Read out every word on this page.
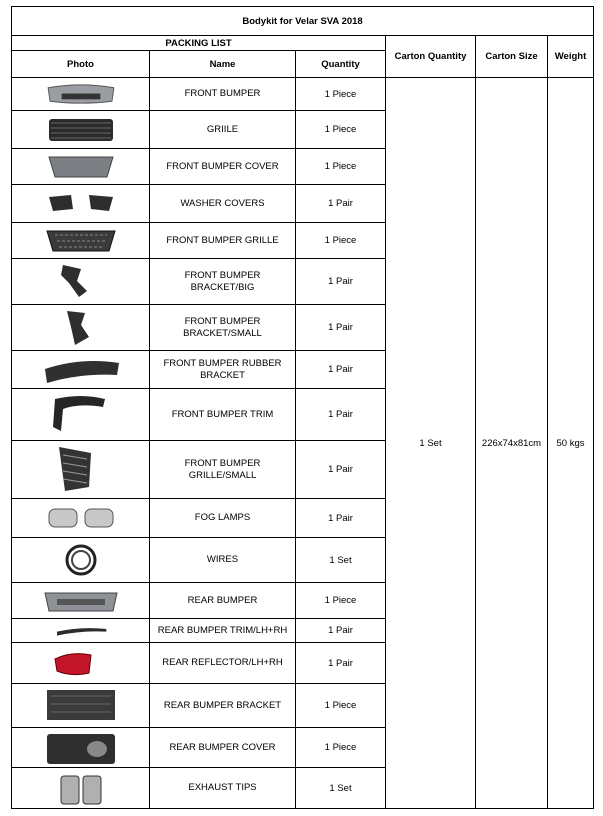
Bodykit for Velar SVA 2018					
PACKING LIST			Carton Quantity	Carton Size	Weight
Photo	Name	Quantity			

	FRONT BUMPER	1 Piece	1 Set	226x74x81cm	50 kgs

	GRIILE	1 Piece			

	FRONT BUMPER COVER	1 Piece			

	WASHER COVERS	1 Pair			

	FRONT BUMPER GRILLE	1 Piece			

	FRONT BUMPER BRACKET/BIG	1 Pair			

	FRONT BUMPER BRACKET/SMALL	1 Pair			

	FRONT BUMPER RUBBER BRACKET	1 Pair			

	FRONT BUMPER TRIM	1 Pair			

	FRONT BUMPER GRILLE/SMALL	1 Pair			

	FOG LAMPS	1 Pair			

	WIRES	1 Set			

	REAR BUMPER	1 Piece			

	REAR BUMPER TRIM/LH+RH	1 Pair			

	REAR REFLECTOR/LH+RH	1 Pair			

	REAR BUMPER BRACKET	1 Piece			

	REAR BUMPER COVER	1 Piece			

	EXHAUST TIPS	1 Set			
